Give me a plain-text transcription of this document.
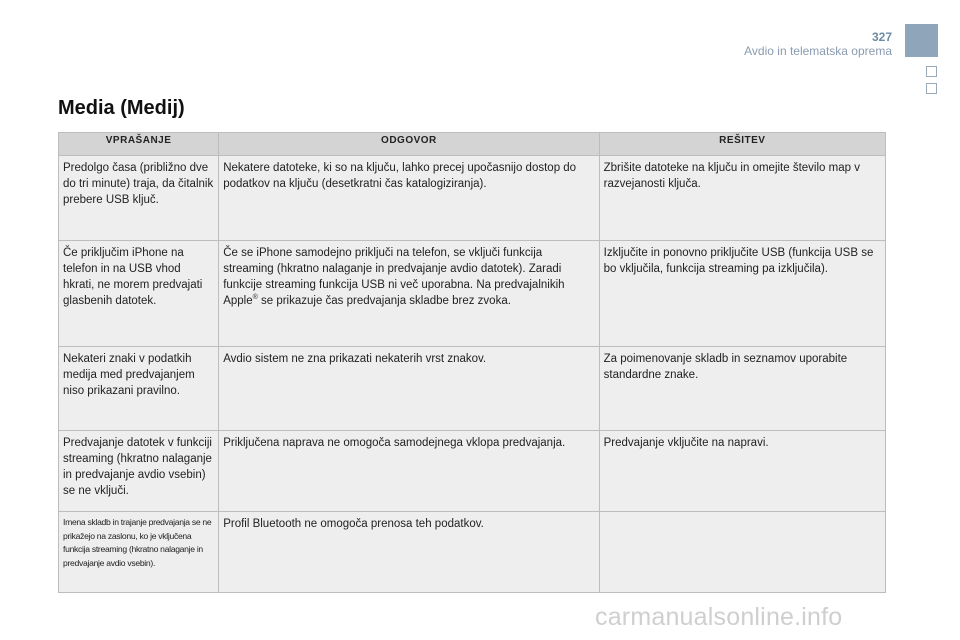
327
Avdio in telematska oprema
Media (Medij)
VPRAŠANJE	ODGOVOR	REŠITEV
Predolgo časa (približno dve do tri minute) traja, da čitalnik prebere USB ključ.	Nekatere datoteke, ki so na ključu, lahko precej upočasnijo dostop do podatkov na ključu (desetkratni čas katalogiziranja).	Zbrišite datoteke na ključu in omejite število map v razvejanosti ključa.
Če priključim iPhone na telefon in na USB vhod hkrati, ne morem predvajati glasbenih datotek.	Če se iPhone samodejno priključi na telefon, se vključi funkcija streaming (hkratno nalaganje in predvajanje avdio datotek). Zaradi funkcije streaming funkcija USB ni več uporabna. Na predvajalnikih Apple® se prikazuje čas predvajanja skladbe brez zvoka.	Izključite in ponovno priključite USB (funkcija USB se bo vključila, funkcija streaming pa izključila).
Nekateri znaki v podatkih medija med predvajanjem niso prikazani pravilno.	Avdio sistem ne zna prikazati nekaterih vrst znakov.	Za poimenovanje skladb in seznamov uporabite standardne znake.
Predvajanje datotek v funkciji streaming (hkratno nalaganje in predvajanje avdio vsebin) se ne vključi.	Priključena naprava ne omogoča samodejnega vklopa predvajanja.	Predvajanje vključite na napravi.

Imena skladb in trajanje predvajanja se ne prikažejo na zaslonu, ko je vključena funkcija streaming (hkratno nalaganje in predvajanje avdio vsebin).	Profil Bluetooth ne omogoča prenosa teh podatkov.	
carmanualsonline.info
